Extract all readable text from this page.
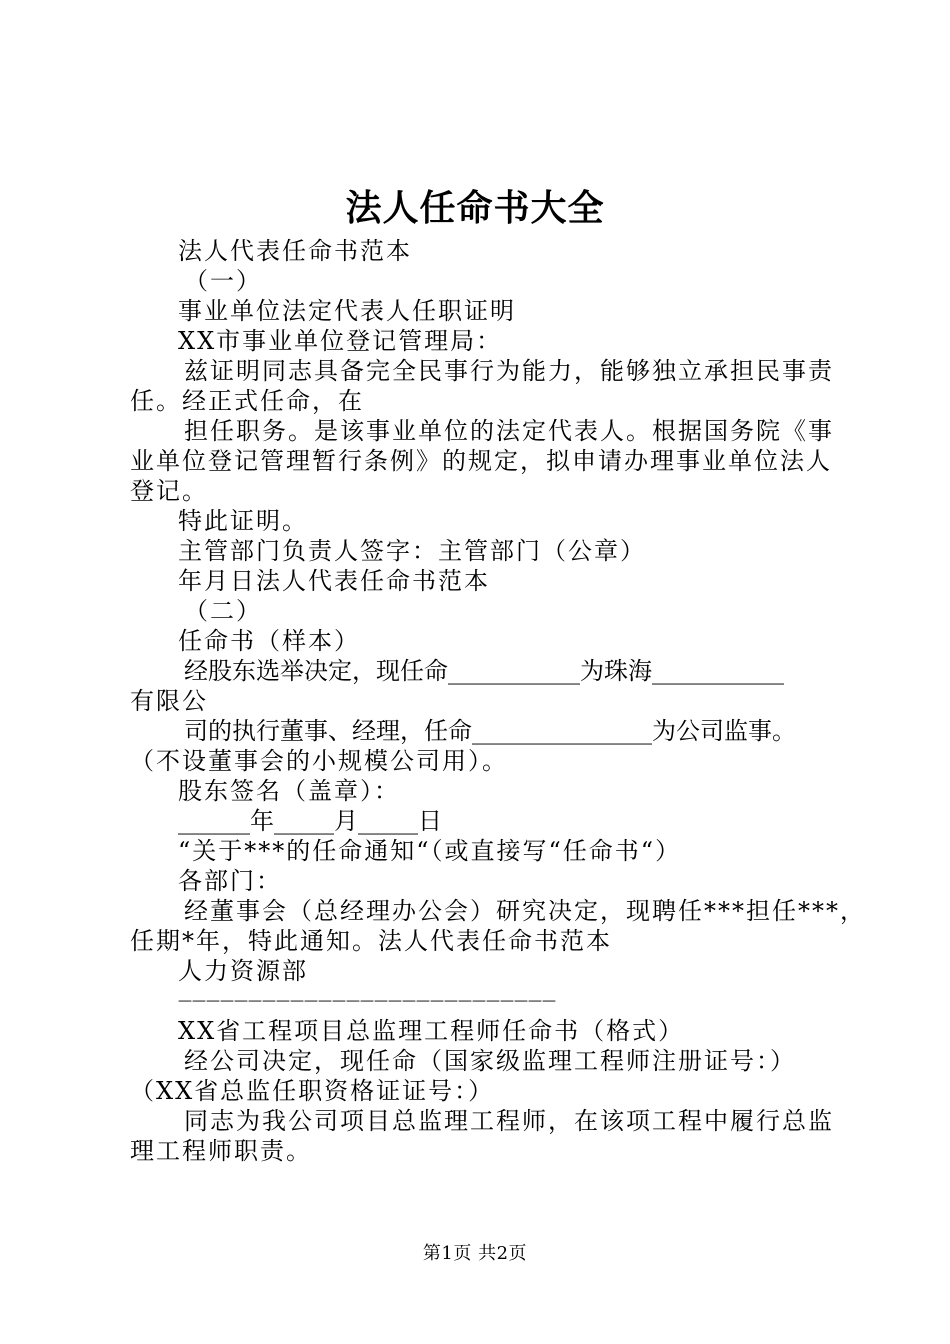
法人任命书大全
法人代表任命书范本
（一）
事业单位法定代表人任职证明
XX市事业单位登记管理局：
兹证明同志具备完全民事行为能力，能够独立承担民事责
任。经正式任命，在
担任职务。是该事业单位的法定代表人。根据国务院《事
业单位登记管理暂行条例》的规定，拟申请办理事业单位法人
登记。
特此证明。
主管部门负责人签字：主管部门（公章）
年月日法人代表任命书范本
（二）
任命书（样本）
经股东选举决定，现任命___________为珠海___________
有限公
司的执行董事、经理，任命_______________为公司监事。
（不设董事会的小规模公司用）。
股东签名（盖章）：
______年_____月_____日
“关于***的任命通知“（或直接写“任命书“）
各部门：
经董事会（总经理办公会）研究决定，现聘任***担任***，
任期*年，特此通知。法人代表任命书范本
人力资源部
———————————————————————————
XX省工程项目总监理工程师任命书（格式）
经公司决定，现任命（国家级监理工程师注册证号：）
（XX省总监任职资格证证号：）
同志为我公司项目总监理工程师，在该项工程中履行总监
理工程师职责。
第1页 共2页
